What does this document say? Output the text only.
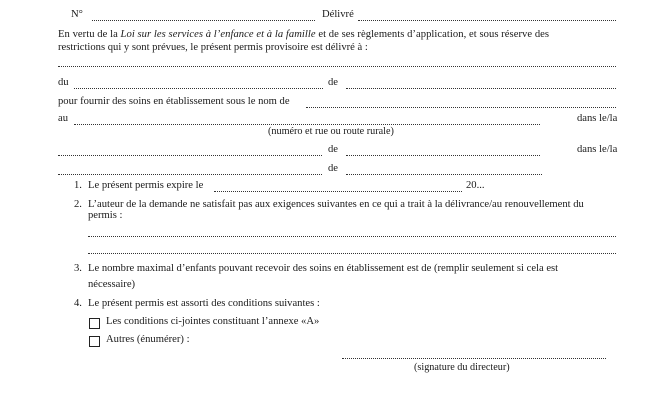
N°	Délivré
En vertu de la Loi sur les services à l’enfance et à la famille et de ses règlements d’application, et sous réserve des
restrictions qui y sont prévues, le présent permis provisoire est délivré à :
du	de
pour fournir des soins en établissement sous le nom de
au	dans le/la
(numéro et rue ou route rurale)
de	dans le/la
de
1. Le présent permis expire le	20...
2. L’auteur de la demande ne satisfait pas aux exigences suivantes en ce qui a trait à la délivrance/au renouvellement du
permis :
3. Le nombre maximal d’enfants pouvant recevoir des soins en établissement est de (remplir seulement si cela est
nécessaire)
4. Le présent permis est assorti des conditions suivantes :
Les conditions ci-jointes constituant l’annexe «A»
Autres (énumérer) :
(signature du directeur)
